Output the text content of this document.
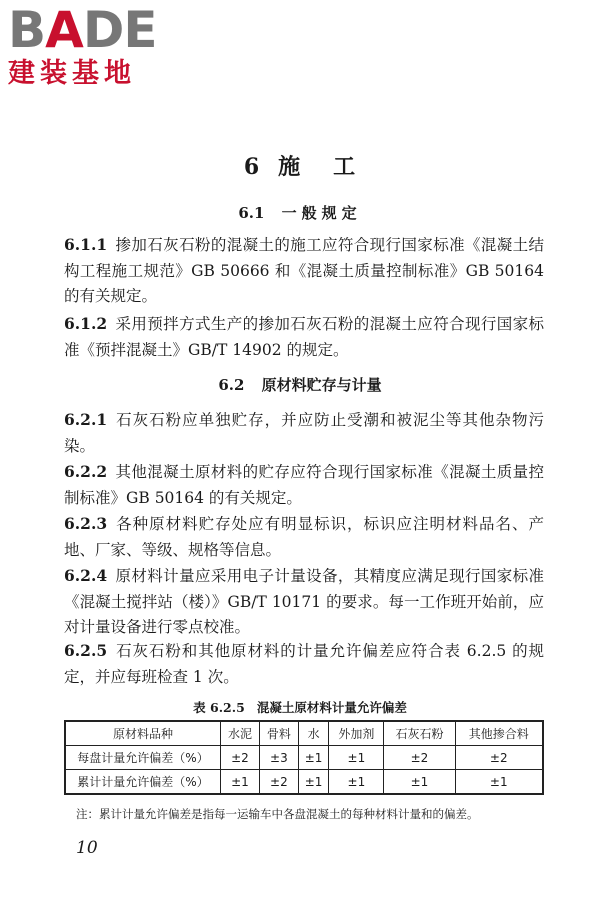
BADE
建装基地
6 施 工
6.1 一般规定
6.1.1 掺加石灰石粉的混凝土的施工应符合现行国家标准《混凝土结构工程施工规范》GB 50666 和《混凝土质量控制标准》GB 50164 的有关规定。
6.1.2 采用预拌方式生产的掺加石灰石粉的混凝土应符合现行国家标准《预拌混凝土》GB/T 14902 的规定。
6.2 原材料贮存与计量
6.2.1 石灰石粉应单独贮存，并应防止受潮和被泥尘等其他杂物污染。
6.2.2 其他混凝土原材料的贮存应符合现行国家标准《混凝土质量控制标准》GB 50164 的有关规定。
6.2.3 各种原材料贮存处应有明显标识，标识应注明材料品名、产地、厂家、等级、规格等信息。
6.2.4 原材料计量应采用电子计量设备，其精度应满足现行国家标准《混凝土搅拌站（楼）》GB/T 10171 的要求。每一工作班开始前，应对计量设备进行零点校准。
6.2.5 石灰石粉和其他原材料的计量允许偏差应符合表 6.2.5 的规定，并应每班检查 1 次。
表 6.2.5 混凝土原材料计量允许偏差
原材料品种	水泥	骨料	水	外加剂	石灰石粉	其他掺合料
每盘计量允许偏差（%）	±2	±3	±1	±1	±2	±2
累计计量允许偏差（%）	±1	±2	±1	±1	±1	±1
注：累计计量允许偏差是指每一运输车中各盘混凝土的每种材料计量和的偏差。
10
